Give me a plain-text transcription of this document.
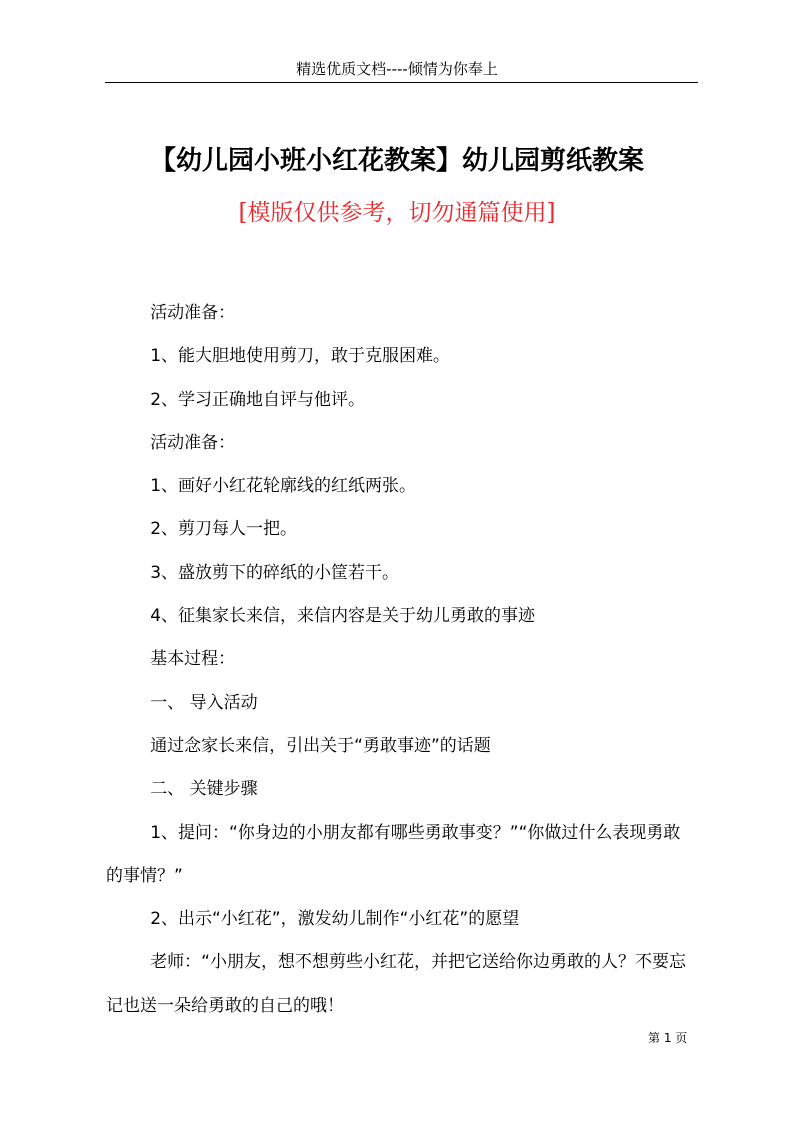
精选优质文档----倾情为你奉上
【幼儿园小班小红花教案】幼儿园剪纸教案
[模版仅供参考，切勿通篇使用]

活动准备：

1、能大胆地使用剪刀，敢于克服困难。

2、学习正确地自评与他评。

活动准备：

1、画好小红花轮廓线的红纸两张。

2、剪刀每人一把。

3、盛放剪下的碎纸的小筐若干。

4、征集家长来信，来信内容是关于幼儿勇敢的事迹

基本过程：

一、 导入活动

通过念家长来信，引出关于“勇敢事迹”的话题

二、 关键步骤

1、提问：“你身边的小朋友都有哪些勇敢事变？”“你做过什么表现勇敢的事情？”

2、出示“小红花”，激发幼儿制作“小红花”的愿望

老师：“小朋友，想不想剪些小红花，并把它送给你边勇敢的人？不要忘记也送一朵给勇敢的自己的哦！

第 1 页
